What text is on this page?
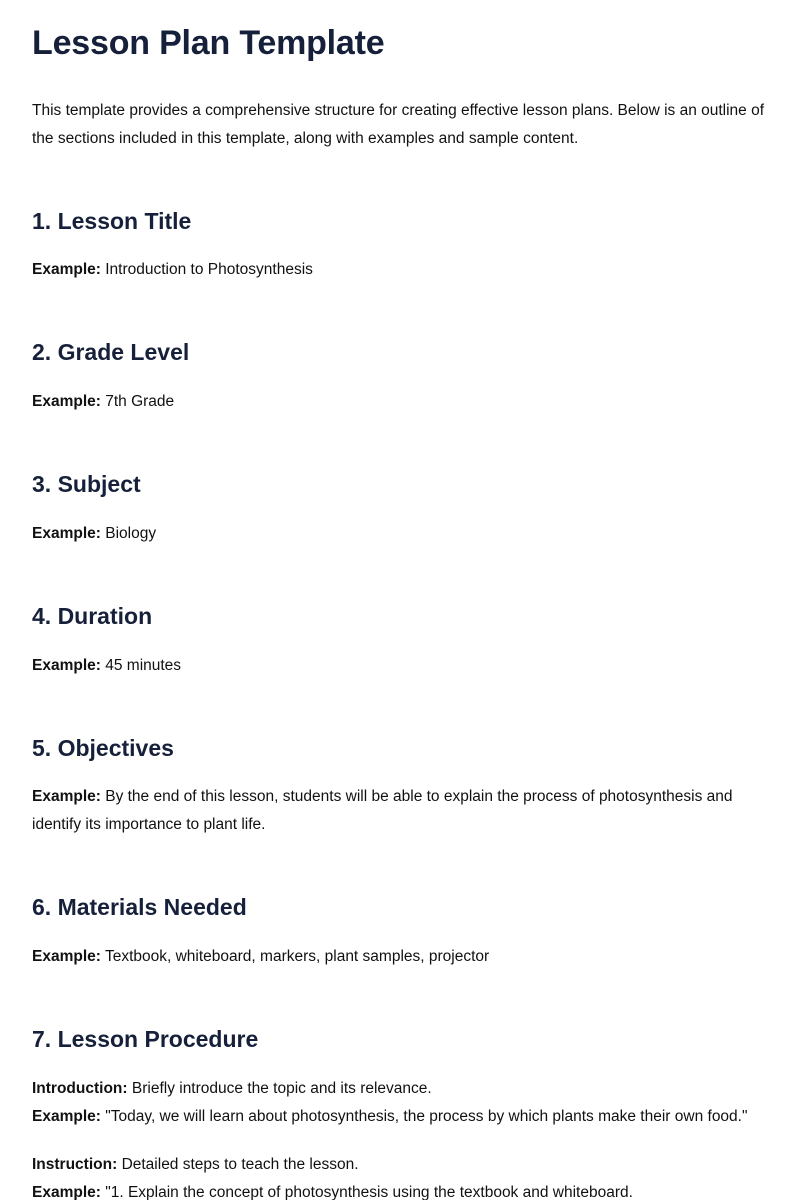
Lesson Plan Template

This template provides a comprehensive structure for creating effective lesson plans. Below is an outline of the sections included in this template, along with examples and sample content.

1. Lesson Title

Example: Introduction to Photosynthesis

2. Grade Level

Example: 7th Grade

3. Subject

Example: Biology

4. Duration

Example: 45 minutes

5. Objectives

Example: By the end of this lesson, students will be able to explain the process of photosynthesis and identify its importance to plant life.

6. Materials Needed

Example: Textbook, whiteboard, markers, plant samples, projector

7. Lesson Procedure

Introduction: Briefly introduce the topic and its relevance.

Example: "Today, we will learn about photosynthesis, the process by which plants make their own food."

Instruction: Detailed steps to teach the lesson.

Example: "1. Explain the concept of photosynthesis using the textbook and whiteboard.
